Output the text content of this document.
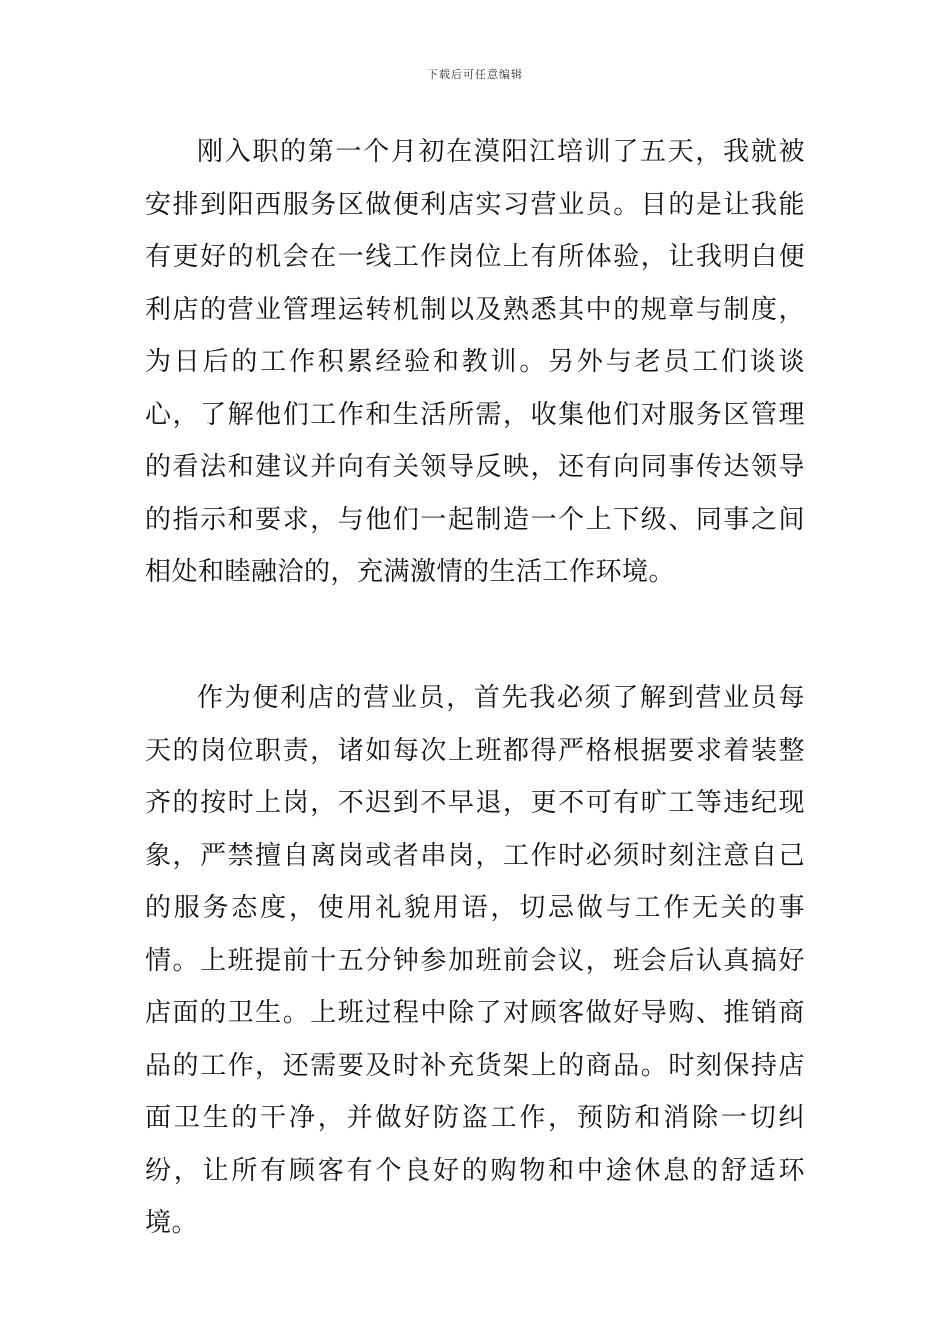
下载后可任意编辑

刚入职的第一个月初在漠阳江培训了五天，我就被安排到阳西服务区做便利店实习营业员。目的是让我能有更好的机会在一线工作岗位上有所体验，让我明白便利店的营业管理运转机制以及熟悉其中的规章与制度，为日后的工作积累经验和教训。另外与老员工们谈谈心，了解他们工作和生活所需，收集他们对服务区管理的看法和建议并向有关领导反映，还有向同事传达领导的指示和要求，与他们一起制造一个上下级、同事之间相处和睦融洽的，充满激情的生活工作环境。

作为便利店的营业员，首先我必须了解到营业员每天的岗位职责，诸如每次上班都得严格根据要求着装整齐的按时上岗，不迟到不早退，更不可有旷工等违纪现象，严禁擅自离岗或者串岗，工作时必须时刻注意自己的服务态度，使用礼貌用语，切忌做与工作无关的事情。上班提前十五分钟参加班前会议，班会后认真搞好店面的卫生。上班过程中除了对顾客做好导购、推销商品的工作，还需要及时补充货架上的商品。时刻保持店面卫生的干净，并做好防盗工作，预防和消除一切纠纷，让所有顾客有个良好的购物和中途休息的舒适环境。
